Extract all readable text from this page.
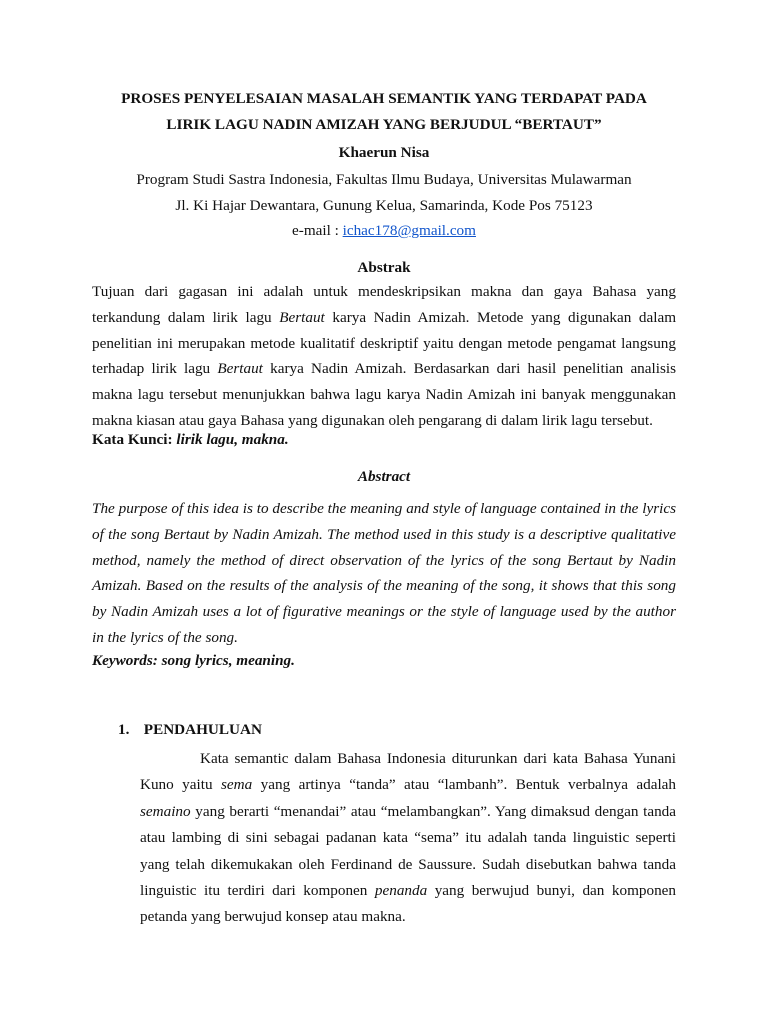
PROSES PENYELESAIAN MASALAH SEMANTIK YANG TERDAPAT PADA
LIRIK LAGU NADIN AMIZAH YANG BERJUDUL “BERTAUT”

Khaerun Nisa

Program Studi Sastra Indonesia, Fakultas Ilmu Budaya, Universitas Mulawarman

Jl. Ki Hajar Dewantara, Gunung Kelua, Samarinda, Kode Pos 75123

e-mail : ichac178@gmail.com

Abstrak

Tujuan dari gagasan ini adalah untuk mendeskripsikan makna dan gaya Bahasa yang terkandung dalam lirik lagu Bertaut karya Nadin Amizah. Metode yang digunakan dalam penelitian ini merupakan metode kualitatif deskriptif yaitu dengan metode pengamat langsung terhadap lirik lagu Bertaut karya Nadin Amizah. Berdasarkan dari hasil penelitian analisis makna lagu tersebut menunjukkan bahwa lagu karya Nadin Amizah ini banyak menggunakan makna kiasan atau gaya Bahasa yang digunakan oleh pengarang di dalam lirik lagu tersebut.

Kata Kunci: lirik lagu, makna.

Abstract

The purpose of this idea is to describe the meaning and style of language contained in the lyrics of the song Bertaut by Nadin Amizah. The method used in this study is a descriptive qualitative method, namely the method of direct observation of the lyrics of the song Bertaut by Nadin Amizah. Based on the results of the analysis of the meaning of the song, it shows that this song by Nadin Amizah uses a lot of figurative meanings or the style of language used by the author in the lyrics of the song.

Keywords: song lyrics, meaning.

1. PENDAHULUAN

Kata semantic dalam Bahasa Indonesia diturunkan dari kata Bahasa Yunani Kuno yaitu sema yang artinya “tanda” atau “lambanh”. Bentuk verbalnya adalah semaino yang berarti “menandai” atau “melambangkan”. Yang dimaksud dengan tanda atau lambing di sini sebagai padanan kata “sema” itu adalah tanda linguistic seperti yang telah dikemukakan oleh Ferdinand de Saussure. Sudah disebutkan bahwa tanda linguistic itu terdiri dari komponen penanda yang berwujud bunyi, dan komponen petanda yang berwujud konsep atau makna.
